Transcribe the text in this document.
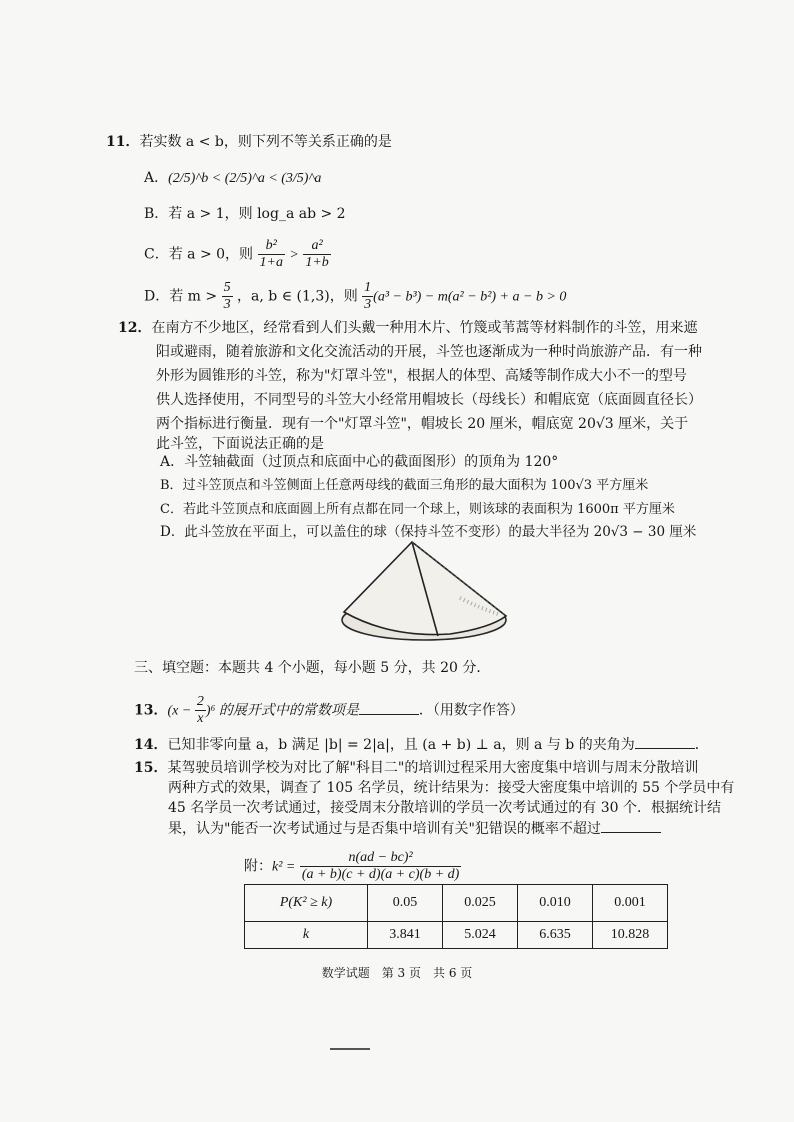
11．若实数 a < b，则下列不等关系正确的是
A．(2/5)^b < (2/5)^a < (3/5)^a
B．若 a > 1，则 log_a ab > 2
C．若 a > 0，则 $\frac{\text{b²}}{1+a} > \frac{\text{a²}}{1+b}$
D．若 $m > \frac{5}{3}$ ，a, b ∈ (1,3)，则 $\frac{1}{3} (a^3 - b^3) - m(a^2 - b^2) + a - b > 0$
12．在南方不少地区，经常看到人们头戴一种用木片、竹篾或苇蒿等材料制作的斗笠，用来遮
阳或避雨，随着旅游和文化交流活动的开展，斗笠也逐渐成为一种时尚旅游产品．有一种
外形为圆锥形的斗笠，称为"灯罩斗笠"，根据人的体型、高矮等制作成大小不一的型号
供人选择使用，不同型号的斗笠大小经常用帽坡长（母线长）和帽底宽（底面圆直径长）
两个指标进行衡量．现有一个"灯罩斗笠"，帽坡长 20 厘米，帽底宽 20√3 厘米，关于
此斗笠，下面说法正确的是
A．斗笠轴截面（过顶点和底面中心的截面图形）的顶角为 120°
B．过斗笠顶点和斗笠侧面上任意两母线的截面三角形的最大面积为 100√3 平方厘米
C．若此斗笠顶点和底面圆上所有点都在同一个球上，则该球的表面积为 1600π 平方厘米
D．此斗笠放在平面上，可以盖住的球（保持斗笠不变形）的最大半径为 20√3 − 30 厘米
三、填空题：本题共 4 个小题，每小题 5 分，共 20 分．
13．$(x - \frac{2}{x} )^6$ 的展开式中的常数项是	．（用数字作答）
14．已知非零向量 a，b 满足 |b| = 2|a|，且 (a + b) ⊥ a，则 a 与 b 的夹角为	．
15．某驾驶员培训学校为对比了解"科目二"的培训过程采用大密度集中培训与周末分散培训
两种方式的效果，调查了 105 名学员，统计结果为：接受大密度集中培训的 55 个学员中有
45 名学员一次考试通过，接受周末分散培训的学员一次考试通过的有 30 个．根据统计结
果，认为"能否一次考试通过与是否集中培训有关"犯错误的概率不超过
附：$k^2 = \frac{\text{n(ad − bc)²}}{(a + b)(c + d)(a + c)(b + d)}$
P(K² ≥ k)	0.05	0.025	0.010	0.001
k	3.841	5.024	6.635	10.828
数学试题　第 3 页　共 6 页
